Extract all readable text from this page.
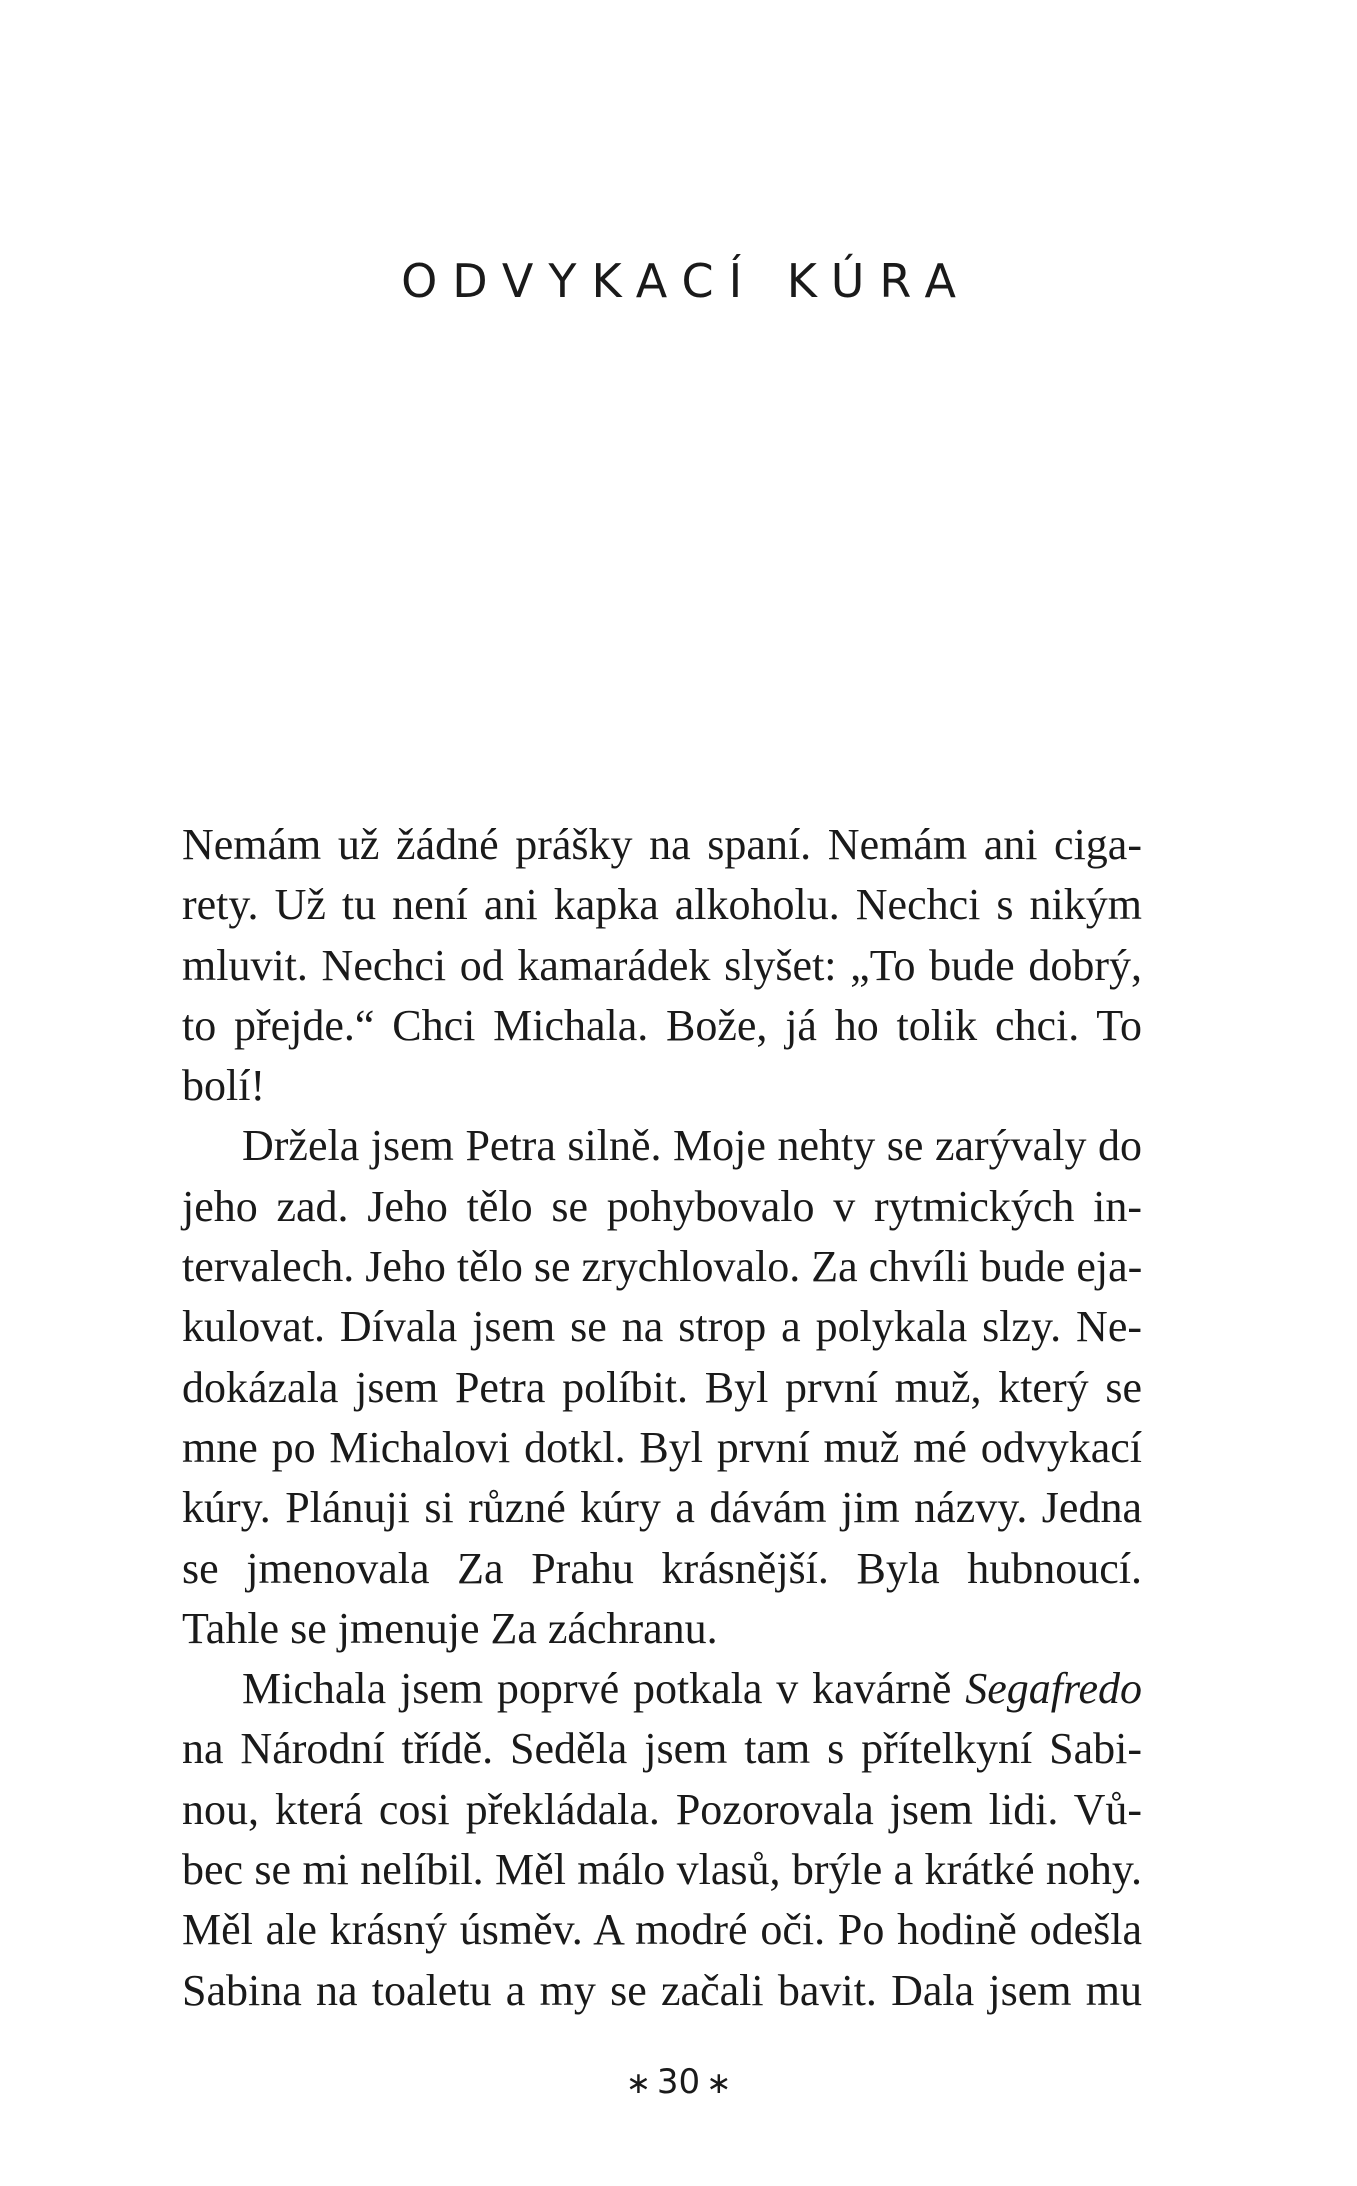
ODVYKACÍ KÚRA
Nemám už žádné prášky na spaní. Nemám ani ciga-
rety. Už tu není ani kapka alkoholu. Nechci s nikým
mluvit. Nechci od kamarádek slyšet: „To bude dobrý,
to přejde.“ Chci Michala. Bože, já ho tolik chci. To
bolí!
Držela jsem Petra silně. Moje nehty se zarývaly do
jeho zad. Jeho tělo se pohybovalo v rytmických in-
tervalech. Jeho tělo se zrychlovalo. Za chvíli bude eja-
kulovat. Dívala jsem se na strop a polykala slzy. Ne-
dokázala jsem Petra políbit. Byl první muž, který se
mne po Michalovi dotkl. Byl první muž mé odvykací
kúry. Plánuji si různé kúry a dávám jim názvy. Jedna
se jmenovala Za Prahu krásnější. Byla hubnoucí.
Tahle se jmenuje Za záchranu.
Michala jsem poprvé potkala v kavárně Segafredo
na Národní třídě. Seděla jsem tam s přítelkyní Sabi-
nou, která cosi překládala. Pozorovala jsem lidi. Vů-
bec se mi nelíbil. Měl málo vlasů, brýle a krátké nohy.
Měl ale krásný úsměv. A modré oči. Po hodině odešla
Sabina na toaletu a my se začali bavit. Dala jsem mu
∗ 30 ∗
